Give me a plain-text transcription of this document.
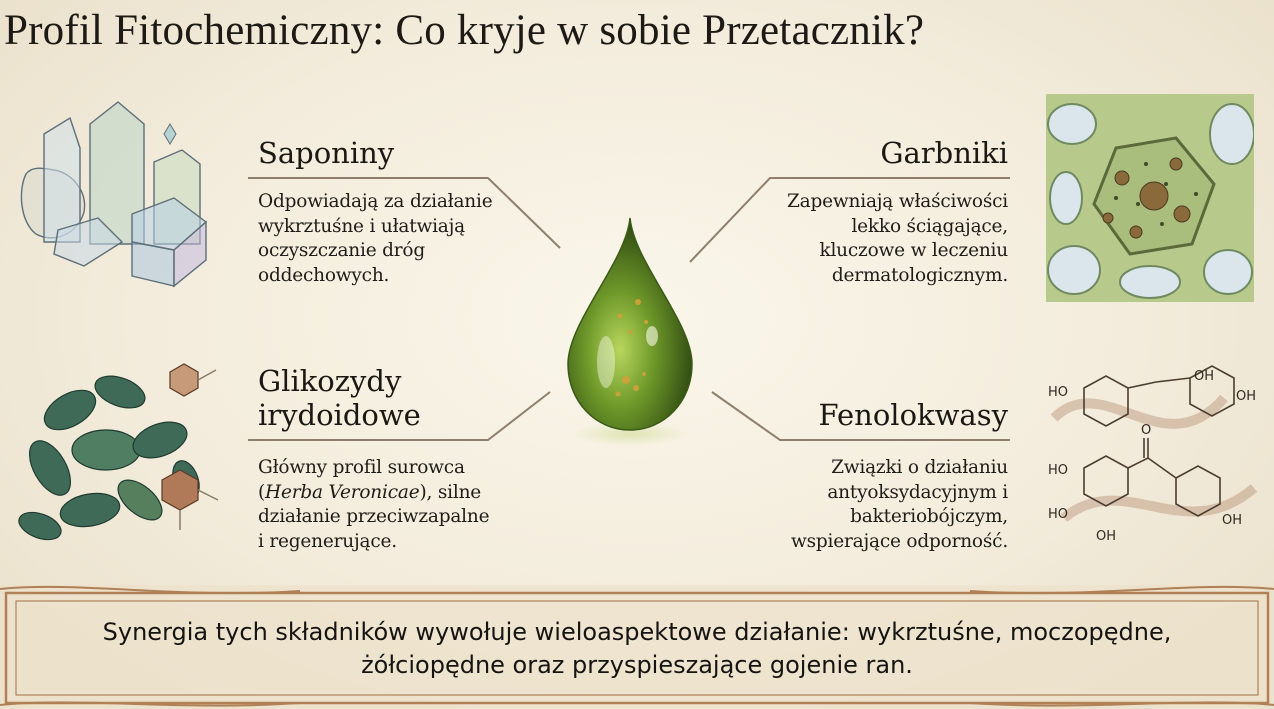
Profil Fitochemiczny: Co kryje w sobie Przetacznik?
Saponiny
Odpowiadają za działanie
wykrztuśne i ułatwiają
oczyszczanie dróg
oddechowych.
Garbniki
Zapewniają właściwości
lekko ściągające,
kluczowe w leczeniu
dermatologicznym.
Glikozydy
irydoidowe
Główny profil surowca
(Herba Veronicae), silne
działanie przeciwzapalne
i regenerujące.
Fenolokwasy
Związki o działaniu
antyoksydacyjnym i
bakteriobójczym,
wspierające odporność.
HO
OH
OH
HO
HO
OH
OH
O
Synergia tych składników wywołuje wieloaspektowe działanie: wykrztuśne, moczopędne,
żółciopędne oraz przyspieszające gojenie ran.
